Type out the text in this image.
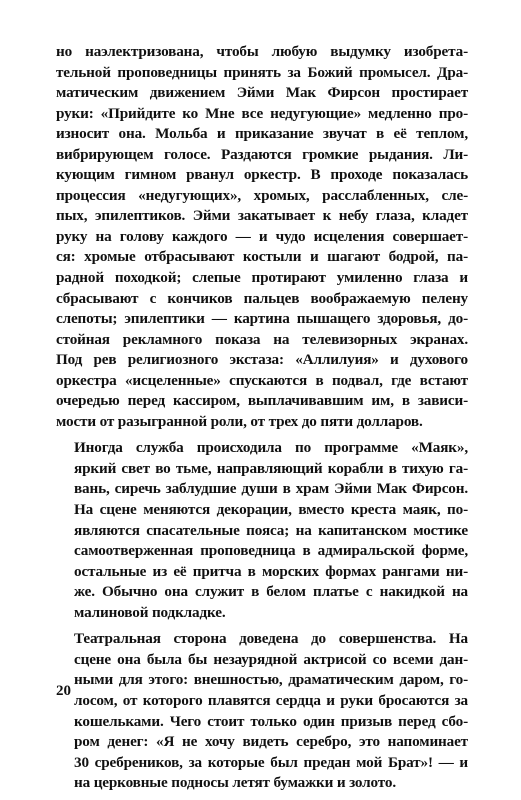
но наэлектризована, чтобы любую выдумку изобрета-
тельной проповедницы принять за Божий промысел. Дра-
матическим движением Эйми Мак Фирсон простирает
руки: «Прийдите ко Мне все недугующие» медленно про-
износит она. Мольба и приказание звучат в её теплом,
вибрирующем голосе. Раздаются громкие рыдания. Ли-
кующим гимном рванул оркестр. В проходе показалась
процессия «недугующих», хромых, расслабленных, сле-
пых, эпилептиков. Эйми закатывает к небу глаза, кладет
руку на голову каждого — и чудо исцеления совершает-
ся: хромые отбрасывают костыли и шагают бодрой, па-
радной походкой; слепые протирают умиленно глаза и
сбрасывают с кончиков пальцев воображаемую пелену
слепоты; эпилептики — картина пышащего здоровья, до-
стойная рекламного показа на телевизорных экранах.
Под рев религиозного экстаза: «Аллилуия» и духового
оркестра «исцеленные» спускаются в подвал, где встают
очередью перед кассиром, выплачивавшим им, в зависи-
мости от разыгранной роли, от трех до пяти долларов.

Иногда служба происходила по программе «Маяк»,
яркий свет во тьме, направляющий корабли в тихую га-
вань, сиречь заблудшие души в храм Эйми Мак Фирсон.
На сцене меняются декорации, вместо креста маяк, по-
являются спасательные пояса; на капитанском мостике
самоотверженная проповедница в адмиральской форме,
остальные из её притча в морских формах рангами ни-
же. Обычно она служит в белом платье с накидкой на
малиновой подкладке.

Театральная сторона доведена до совершенства. На
сцене она была бы незаурядной актрисой со всеми дан-
ными для этого: внешностью, драматическим даром, го-
лосом, от которого плавятся сердца и руки бросаются за
кошельками. Чего стоит только один призыв перед сбо-
ром денег: «Я не хочу видеть серебро, это напоминает
30 сребреников, за которые был предан мой Брат»! — и
на церковные подносы летят бумажки и золото.

20
